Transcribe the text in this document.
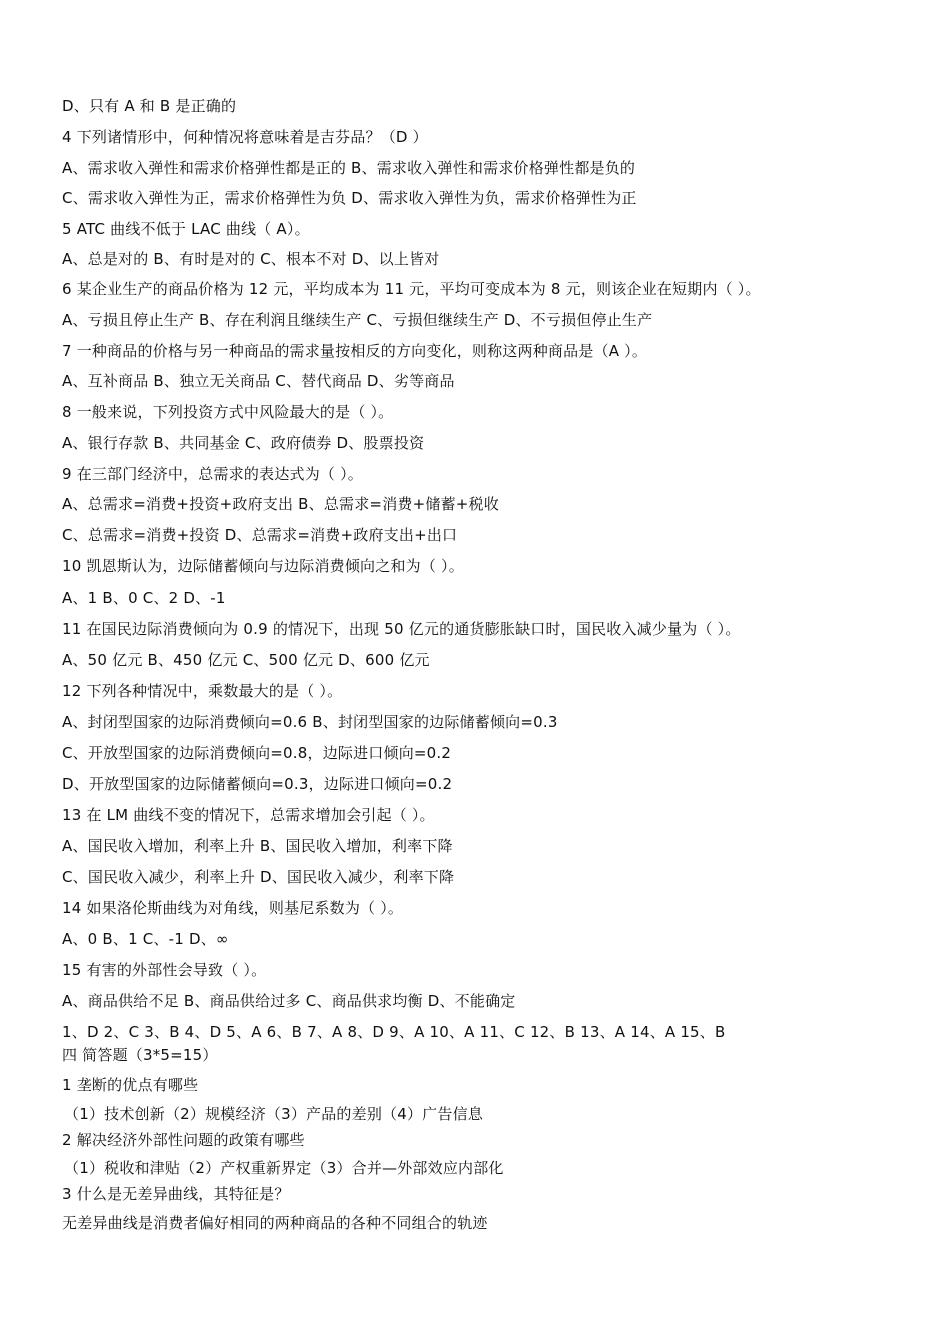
D、只有 A 和 B 是正确的
4 下列诸情形中，何种情况将意味着是吉芬品？（D ）
A、需求收入弹性和需求价格弹性都是正的 B、需求收入弹性和需求价格弹性都是负的
C、需求收入弹性为正，需求价格弹性为负 D、需求收入弹性为负，需求价格弹性为正
5 ATC 曲线不低于 LAC 曲线（ A）。
A、总是对的 B、有时是对的 C、根本不对 D、以上皆对
6 某企业生产的商品价格为 12 元，平均成本为 11 元，平均可变成本为 8 元，则该企业在短期内（ ）。
A、亏损且停止生产 B、存在利润且继续生产 C、亏损但继续生产 D、不亏损但停止生产
7 一种商品的价格与另一种商品的需求量按相反的方向变化，则称这两种商品是（A ）。
A、互补商品 B、独立无关商品 C、替代商品 D、劣等商品
8 一般来说，下列投资方式中风险最大的是（ ）。
A、银行存款 B、共同基金 C、政府债券 D、股票投资
9 在三部门经济中，总需求的表达式为（ ）。
A、总需求=消费+投资+政府支出 B、总需求=消费+储蓄+税收
C、总需求=消费+投资 D、总需求=消费+政府支出+出口
10 凯恩斯认为，边际储蓄倾向与边际消费倾向之和为（ ）。
A、1 B、0 C、2 D、-1
11 在国民边际消费倾向为 0.9 的情况下，出现 50 亿元的通货膨胀缺口时，国民收入减少量为（ ）。
A、50 亿元 B、450 亿元 C、500 亿元 D、600 亿元
12 下列各种情况中，乘数最大的是（ ）。
A、封闭型国家的边际消费倾向=0.6 B、封闭型国家的边际储蓄倾向=0.3
C、开放型国家的边际消费倾向=0.8，边际进口倾向=0.2
D、开放型国家的边际储蓄倾向=0.3，边际进口倾向=0.2
13 在 LM 曲线不变的情况下，总需求增加会引起（ ）。
A、国民收入增加，利率上升 B、国民收入增加，利率下降
C、国民收入减少，利率上升 D、国民收入减少，利率下降
14 如果洛伦斯曲线为对角线，则基尼系数为（ ）。
A、0 B、1 C、-1 D、∞
15 有害的外部性会导致（ ）。
A、商品供给不足 B、商品供给过多 C、商品供求均衡 D、不能确定
1、D 2、C 3、B 4、D 5、A 6、B 7、A 8、D 9、A 10、A 11、C 12、B 13、A 14、A 15、B
四 简答题（3*5=15）
1 垄断的优点有哪些
（1）技术创新（2）规模经济（3）产品的差别（4）广告信息
2 解决经济外部性问题的政策有哪些
（1）税收和津贴（2）产权重新界定（3）合并—外部效应内部化
3 什么是无差异曲线，其特征是？
无差异曲线是消费者偏好相同的两种商品的各种不同组合的轨迹
